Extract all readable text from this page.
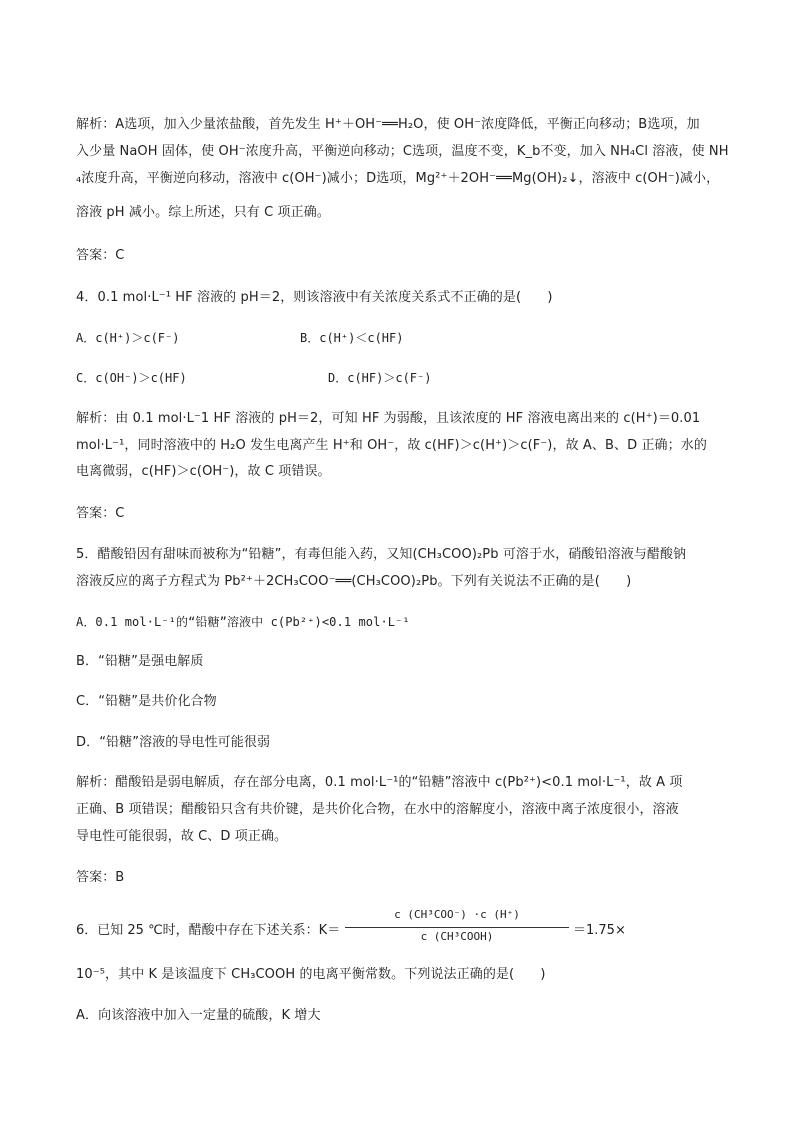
解析：A选项，加入少量浓盐酸，首先发生 H⁺＋OH⁻══H₂O，使 OH⁻浓度降低，平衡正向移动；B选项，加
入少量 NaOH 固体，使 OH⁻浓度升高，平衡逆向移动；C选项，温度不变，K_b不变，加入 NH₄Cl 溶液，使 NH
₄浓度升高，平衡逆向移动，溶液中 c(OH⁻)减小；D选项，Mg²⁺＋2OH⁻══Mg(OH)₂↓，溶液中 c(OH⁻)减小，
溶液 pH 减小。综上所述，只有 C 项正确。
答案：C
4．0.1 mol·L⁻¹ HF 溶液的 pH＝2，则该溶液中有关浓度关系式不正确的是(　　)
A．c(H⁺)＞c(F⁻)	B．c(H⁺)＜c(HF)
C．c(OH⁻)＞c(HF)	D．c(HF)＞c(F⁻)
解析：由 0.1 mol·L⁻1 HF 溶液的 pH＝2，可知 HF 为弱酸，且该浓度的 HF 溶液电离出来的 c(H⁺)＝0.01
mol·L⁻¹，同时溶液中的 H₂O 发生电离产生 H⁺和 OH⁻，故 c(HF)＞c(H⁺)＞c(F⁻)，故 A、B、D 正确；水的
电离微弱，c(HF)＞c(OH⁻)，故 C 项错误。
答案：C
5．醋酸铅因有甜味而被称为“铅糖”，有毒但能入药，又知(CH₃COO)₂Pb 可溶于水，硝酸铅溶液与醋酸钠
溶液反应的离子方程式为 Pb²⁺＋2CH₃COO⁻══(CH₃COO)₂Pb。下列有关说法不正确的是(　　)
A．0.1 mol·L⁻¹的“铅糖”溶液中 c(Pb²⁺)<0.1 mol·L⁻¹
B．“铅糖”是强电解质
C．“铅糖”是共价化合物
D．“铅糖”溶液的导电性可能很弱
解析：醋酸铅是弱电解质，存在部分电离，0.1 mol·L⁻¹的“铅糖”溶液中 c(Pb²⁺)<0.1 mol·L⁻¹，故 A 项
正确、B 项错误；醋酸铅只含有共价键，是共价化合物，在水中的溶解度小，溶液中离子浓度很小，溶液
导电性可能很弱，故 C、D 项正确。
答案：B
6．已知 25 ℃时，醋酸中存在下述关系：K＝
c (CH³COO⁻) ·c (H⁺)
c (CH³COOH)	＝1.75×
10⁻⁵，其中 K 是该温度下 CH₃COOH 的电离平衡常数。下列说法正确的是(　　)
A．向该溶液中加入一定量的硫酸，K 增大
